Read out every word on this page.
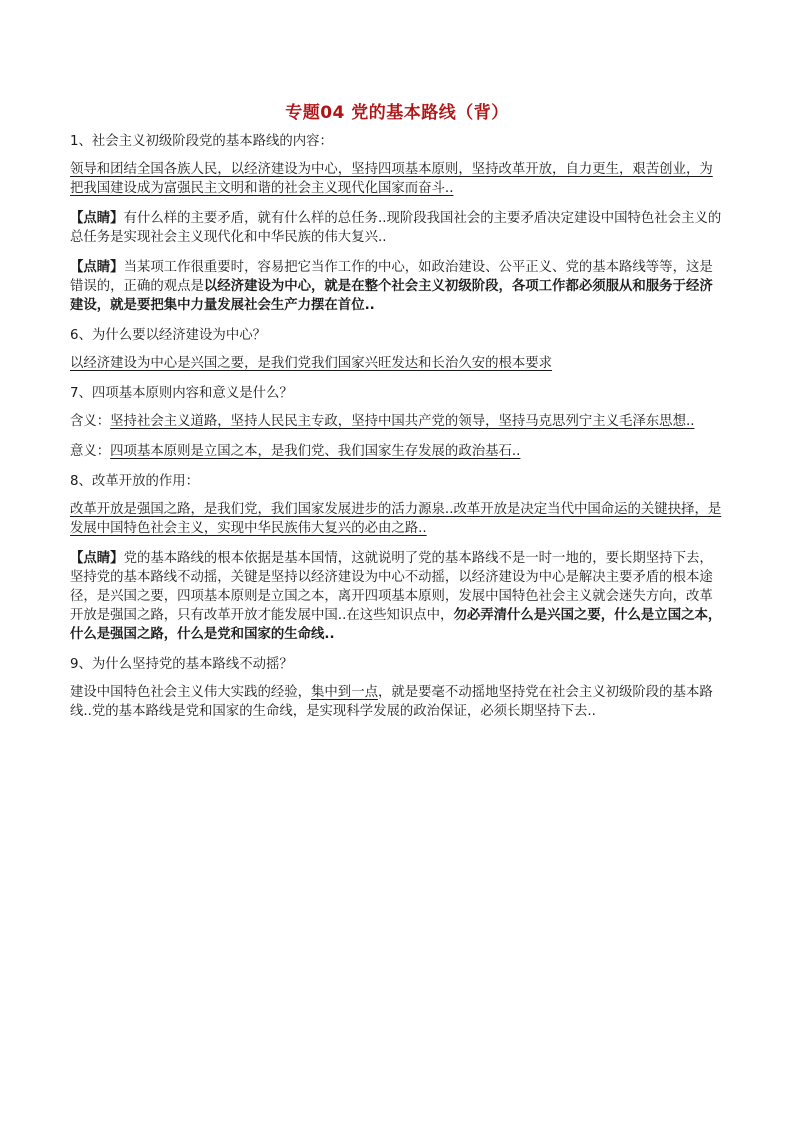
专题04 党的基本路线（背）
1、社会主义初级阶段党的基本路线的内容：
领导和团结全国各族人民，以经济建设为中心，坚持四项基本原则，坚持改革开放，自力更生，艰苦创业，为把我国建设成为富强民主文明和谐的社会主义现代化国家而奋斗..
【点睛】有什么样的主要矛盾，就有什么样的总任务..现阶段我国社会的主要矛盾决定建设中国特色社会主义的总任务是实现社会主义现代化和中华民族的伟大复兴..
【点睛】当某项工作很重要时，容易把它当作工作的中心，如政治建设、公平正义、党的基本路线等等，这是错误的，正确的观点是以经济建设为中心，就是在整个社会主义初级阶段，各项工作都必须服从和服务于经济建设，就是要把集中力量发展社会生产力摆在首位..
6、为什么要以经济建设为中心？
以经济建设为中心是兴国之要，是我们党我们国家兴旺发达和长治久安的根本要求
7、四项基本原则内容和意义是什么？
含义：坚持社会主义道路，坚持人民民主专政，坚持中国共产党的领导，坚持马克思列宁主义毛泽东思想..
意义：四项基本原则是立国之本，是我们党、我们国家生存发展的政治基石..
8、改革开放的作用：
改革开放是强国之路，是我们党，我们国家发展进步的活力源泉..改革开放是决定当代中国命运的关键抉择，是发展中国特色社会主义，实现中华民族伟大复兴的必由之路..
【点睛】党的基本路线的根本依据是基本国情，这就说明了党的基本路线不是一时一地的，要长期坚持下去，坚持党的基本路线不动摇，关键是坚持以经济建设为中心不动摇，以经济建设为中心是解决主要矛盾的根本途径，是兴国之要，四项基本原则是立国之本，离开四项基本原则，发展中国特色社会主义就会迷失方向，改革开放是强国之路，只有改革开放才能发展中国..在这些知识点中，勿必弄清什么是兴国之要，什么是立国之本，什么是强国之路，什么是党和国家的生命线..
9、为什么坚持党的基本路线不动摇？
建设中国特色社会主义伟大实践的经验，集中到一点，就是要毫不动摇地坚持党在社会主义初级阶段的基本路线..党的基本路线是党和国家的生命线，是实现科学发展的政治保证，必须长期坚持下去..
